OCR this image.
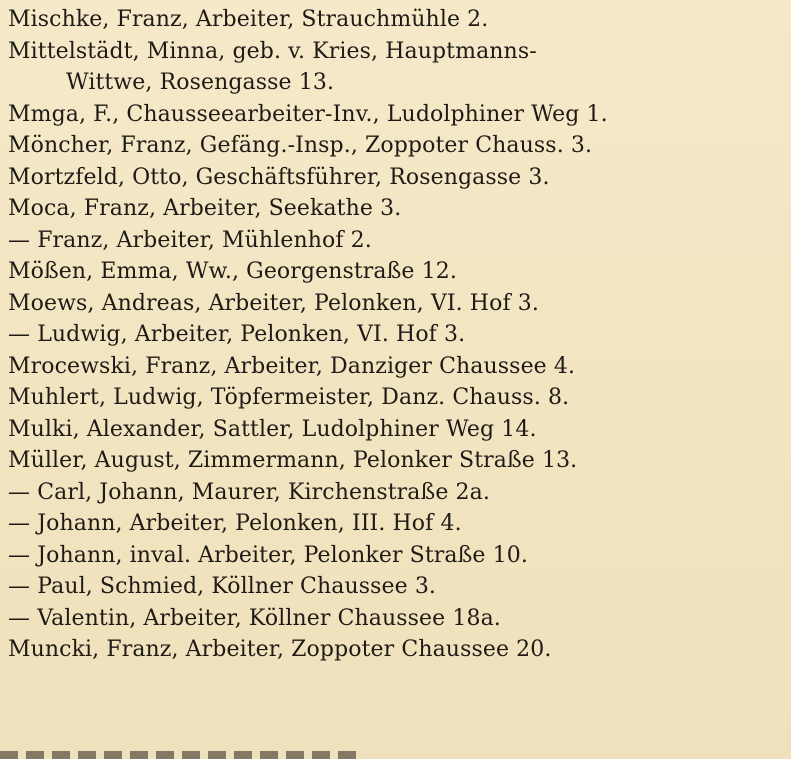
Mischke, Franz, Arbeiter, Strauchmühle 2.
Mittelstädt, Minna, geb. v. Kries, Hauptmanns-
Wittwe, Rosengasse 13.
Mmga, F., Chausseearbeiter-Inv., Ludolphiner Weg 1.
Möncher, Franz, Gefäng.-Insp., Zoppoter Chauss. 3.
Mortzfeld, Otto, Geschäftsführer, Rosengasse 3.
Moca, Franz, Arbeiter, Seekathe 3.
— Franz, Arbeiter, Mühlenhof 2.
Mößen, Emma, Ww., Georgenstraße 12.
Moews, Andreas, Arbeiter, Pelonken, VI. Hof 3.
— Ludwig, Arbeiter, Pelonken, VI. Hof 3.
Mrocewski, Franz, Arbeiter, Danziger Chaussee 4.
Muhlert, Ludwig, Töpfermeister, Danz. Chauss. 8.
Mulki, Alexander, Sattler, Ludolphiner Weg 14.
Müller, August, Zimmermann, Pelonker Straße 13.
— Carl, Johann, Maurer, Kirchenstraße 2a.
— Johann, Arbeiter, Pelonken, III. Hof 4.
— Johann, inval. Arbeiter, Pelonker Straße 10.
— Paul, Schmied, Köllner Chaussee 3.
— Valentin, Arbeiter, Köllner Chaussee 18a.
Muncki, Franz, Arbeiter, Zoppoter Chaussee 20.
